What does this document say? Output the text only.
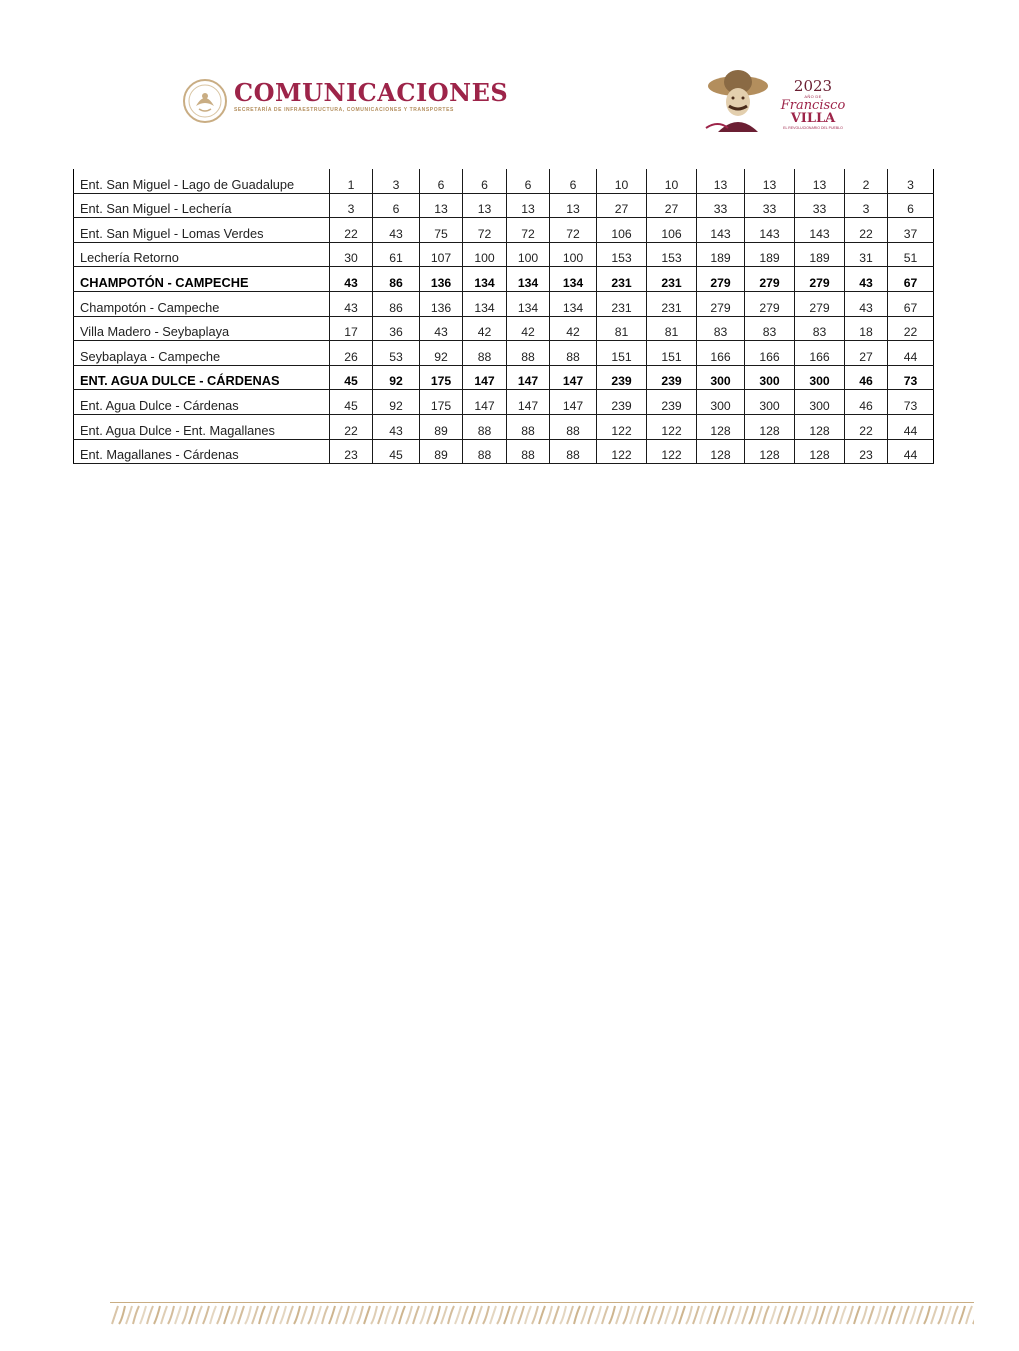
COMUNICACIONES
SECRETARÍA DE INFRAESTRUCTURA, COMUNICACIONES Y TRANSPORTES
2023
AÑO DE
Francisco
VILLA
EL REVOLUCIONARIO DEL PUEBLO
Ent. San Miguel - Lago de Guadalupe	1	3	6	6	6	6	10	10	13	13	13	2	3
Ent. San Miguel - Lechería	3	6	13	13	13	13	27	27	33	33	33	3	6
Ent. San Miguel - Lomas Verdes	22	43	75	72	72	72	106	106	143	143	143	22	37
Lechería Retorno	30	61	107	100	100	100	153	153	189	189	189	31	51
CHAMPOTÓN - CAMPECHE	43	86	136	134	134	134	231	231	279	279	279	43	67
Champotón - Campeche	43	86	136	134	134	134	231	231	279	279	279	43	67
Villa Madero - Seybaplaya	17	36	43	42	42	42	81	81	83	83	83	18	22
Seybaplaya - Campeche	26	53	92	88	88	88	151	151	166	166	166	27	44
ENT. AGUA DULCE - CÁRDENAS	45	92	175	147	147	147	239	239	300	300	300	46	73
Ent. Agua Dulce - Cárdenas	45	92	175	147	147	147	239	239	300	300	300	46	73
Ent. Agua Dulce - Ent. Magallanes	22	43	89	88	88	88	122	122	128	128	128	22	44
Ent. Magallanes - Cárdenas	23	45	89	88	88	88	122	122	128	128	128	23	44
